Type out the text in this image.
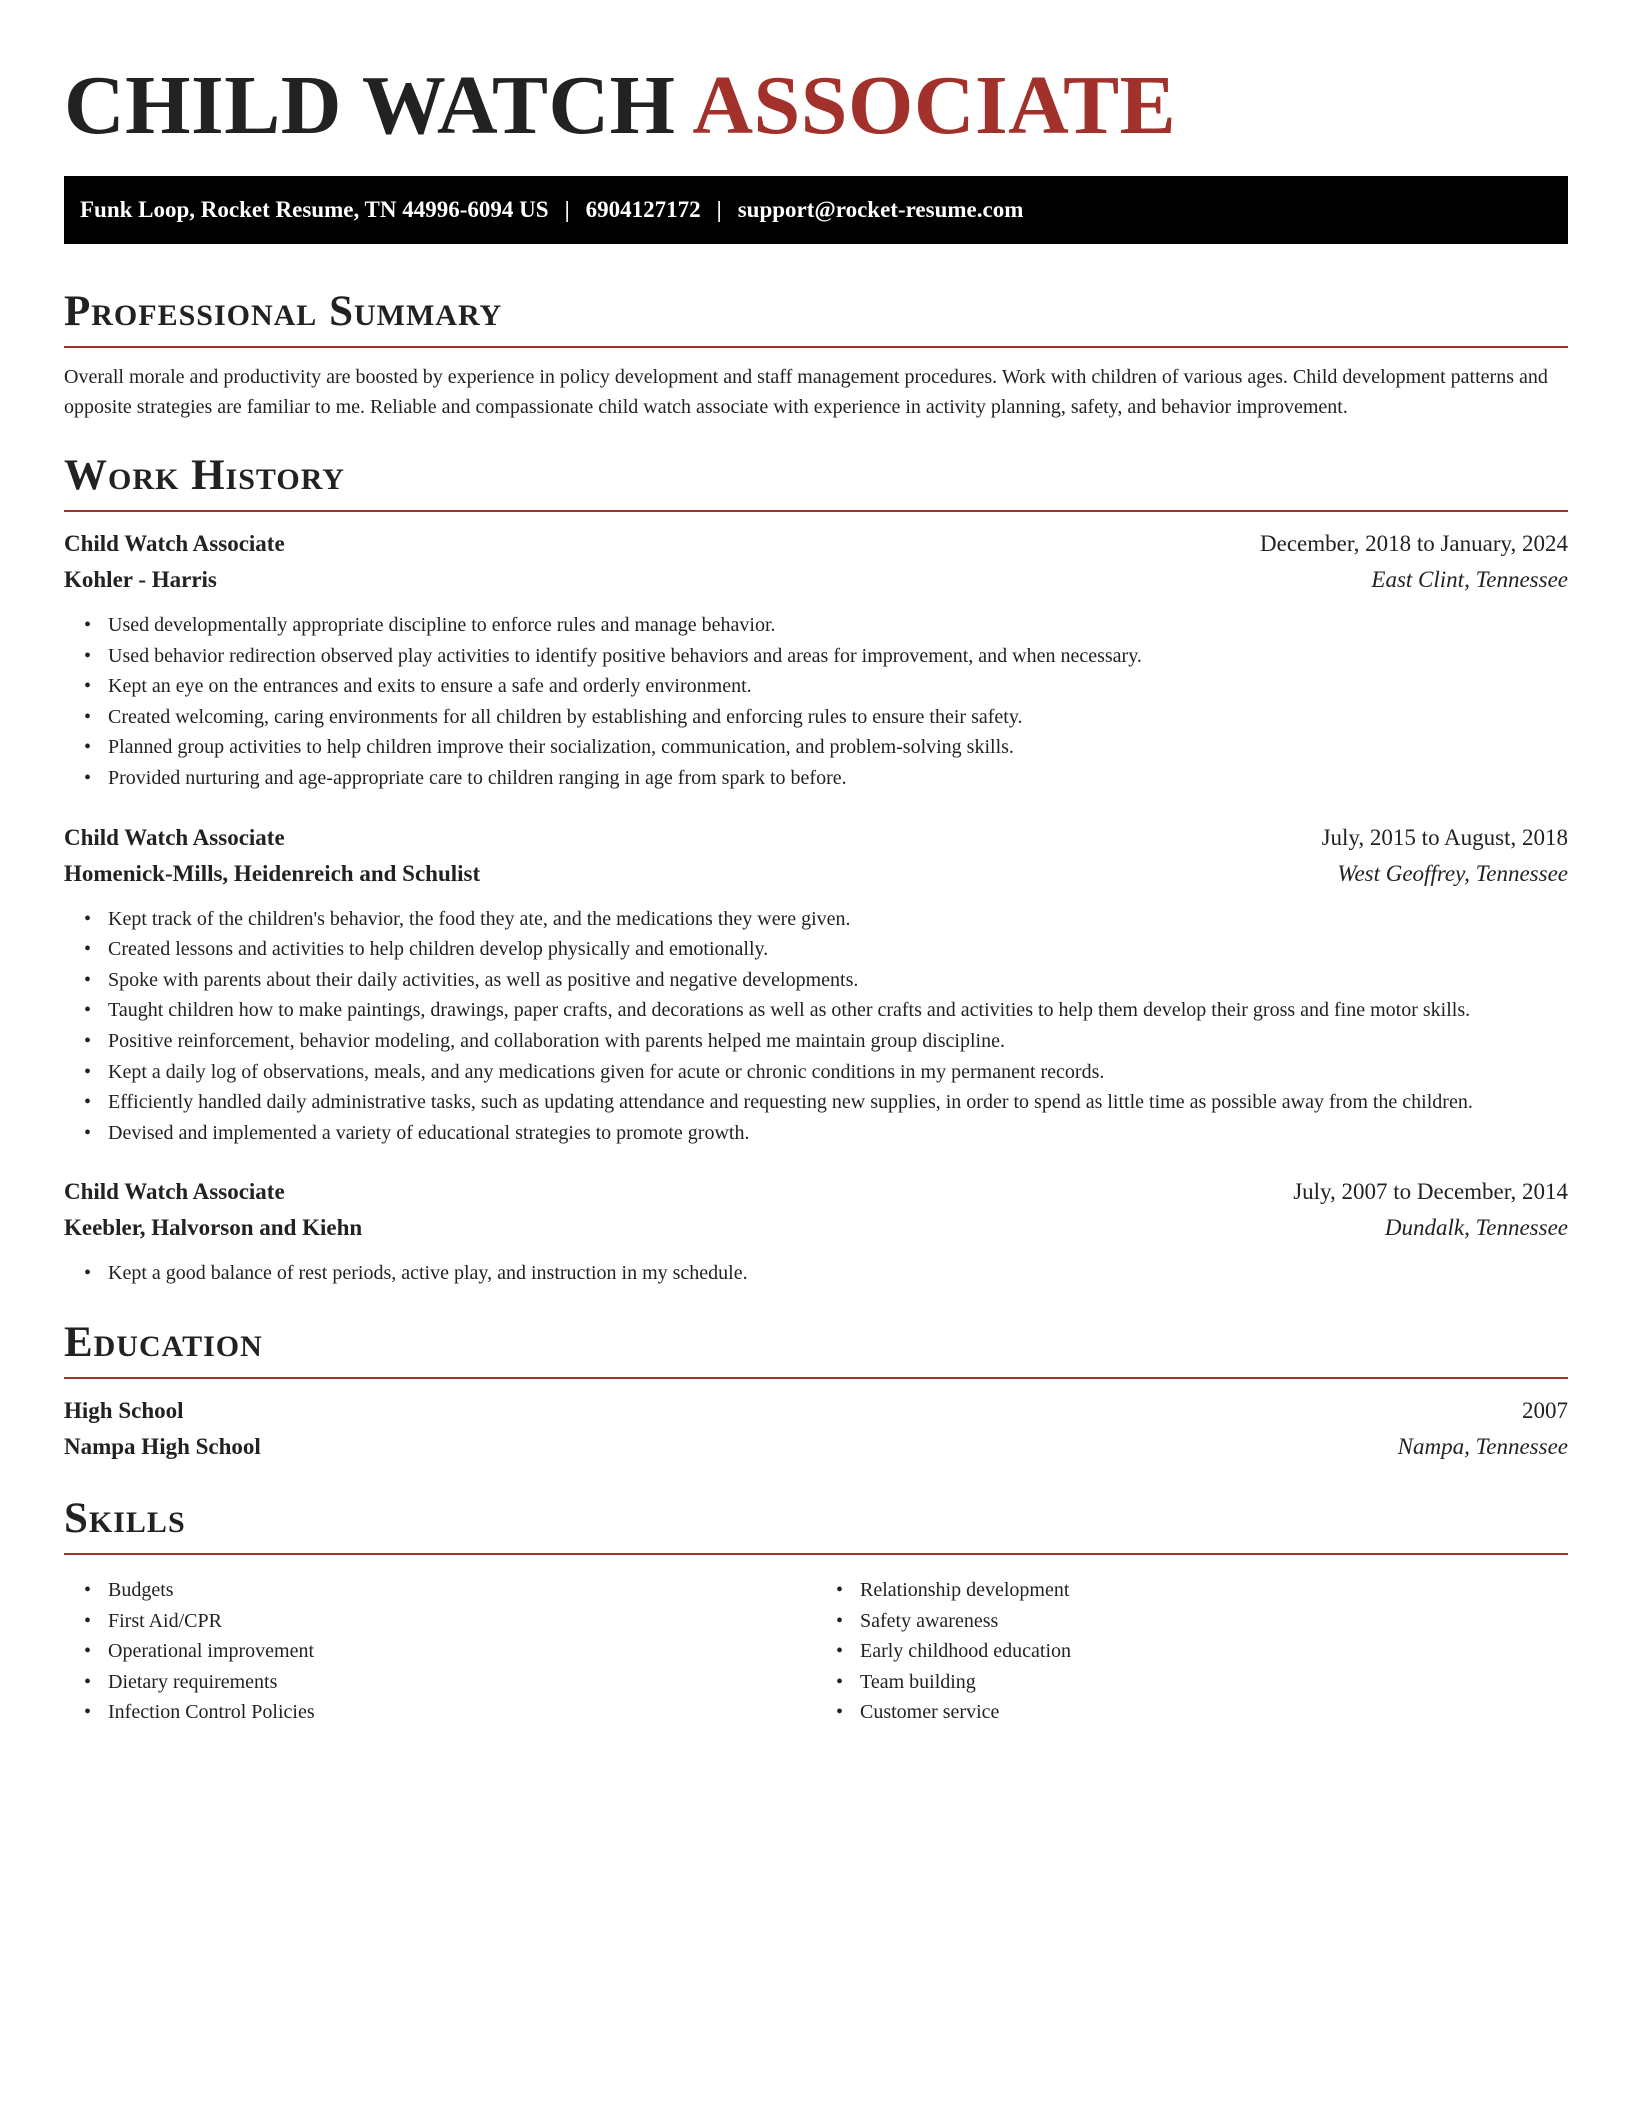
CHILD WATCH ASSOCIATE
Funk Loop, Rocket Resume, TN 44996-6094 US | 6904127172 | support@rocket-resume.com
Professional Summary

Overall morale and productivity are boosted by experience in policy development and staff management procedures. Work with children of various ages. Child development patterns and opposite strategies are familiar to me. Reliable and compassionate child watch associate with experience in activity planning, safety, and behavior improvement.

Work History
Child Watch Associate	December, 2018 to January, 2024
Kohler - Harris	East Clint, Tennessee
• Used developmentally appropriate discipline to enforce rules and manage behavior.
• Used behavior redirection observed play activities to identify positive behaviors and areas for improvement, and when necessary.
• Kept an eye on the entrances and exits to ensure a safe and orderly environment.
• Created welcoming, caring environments for all children by establishing and enforcing rules to ensure their safety.
• Planned group activities to help children improve their socialization, communication, and problem-solving skills.
• Provided nurturing and age-appropriate care to children ranging in age from spark to before.
Child Watch Associate	July, 2015 to August, 2018
Homenick-Mills, Heidenreich and Schulist	West Geoffrey, Tennessee
• Kept track of the children's behavior, the food they ate, and the medications they were given.
• Created lessons and activities to help children develop physically and emotionally.
• Spoke with parents about their daily activities, as well as positive and negative developments.
• Taught children how to make paintings, drawings, paper crafts, and decorations as well as other crafts and activities to help them develop their gross and fine motor skills.
• Positive reinforcement, behavior modeling, and collaboration with parents helped me maintain group discipline.
• Kept a daily log of observations, meals, and any medications given for acute or chronic conditions in my permanent records.
• Efficiently handled daily administrative tasks, such as updating attendance and requesting new supplies, in order to spend as little time as possible away from the children.
• Devised and implemented a variety of educational strategies to promote growth.
Child Watch Associate	July, 2007 to December, 2014
Keebler, Halvorson and Kiehn	Dundalk, Tennessee
• Kept a good balance of rest periods, active play, and instruction in my schedule.
Education
High School	2007
Nampa High School	Nampa, Tennessee
Skills
• Budgets
• First Aid/CPR
• Operational improvement
• Dietary requirements
• Infection Control Policies
• Relationship development
• Safety awareness
• Early childhood education
• Team building
• Customer service
